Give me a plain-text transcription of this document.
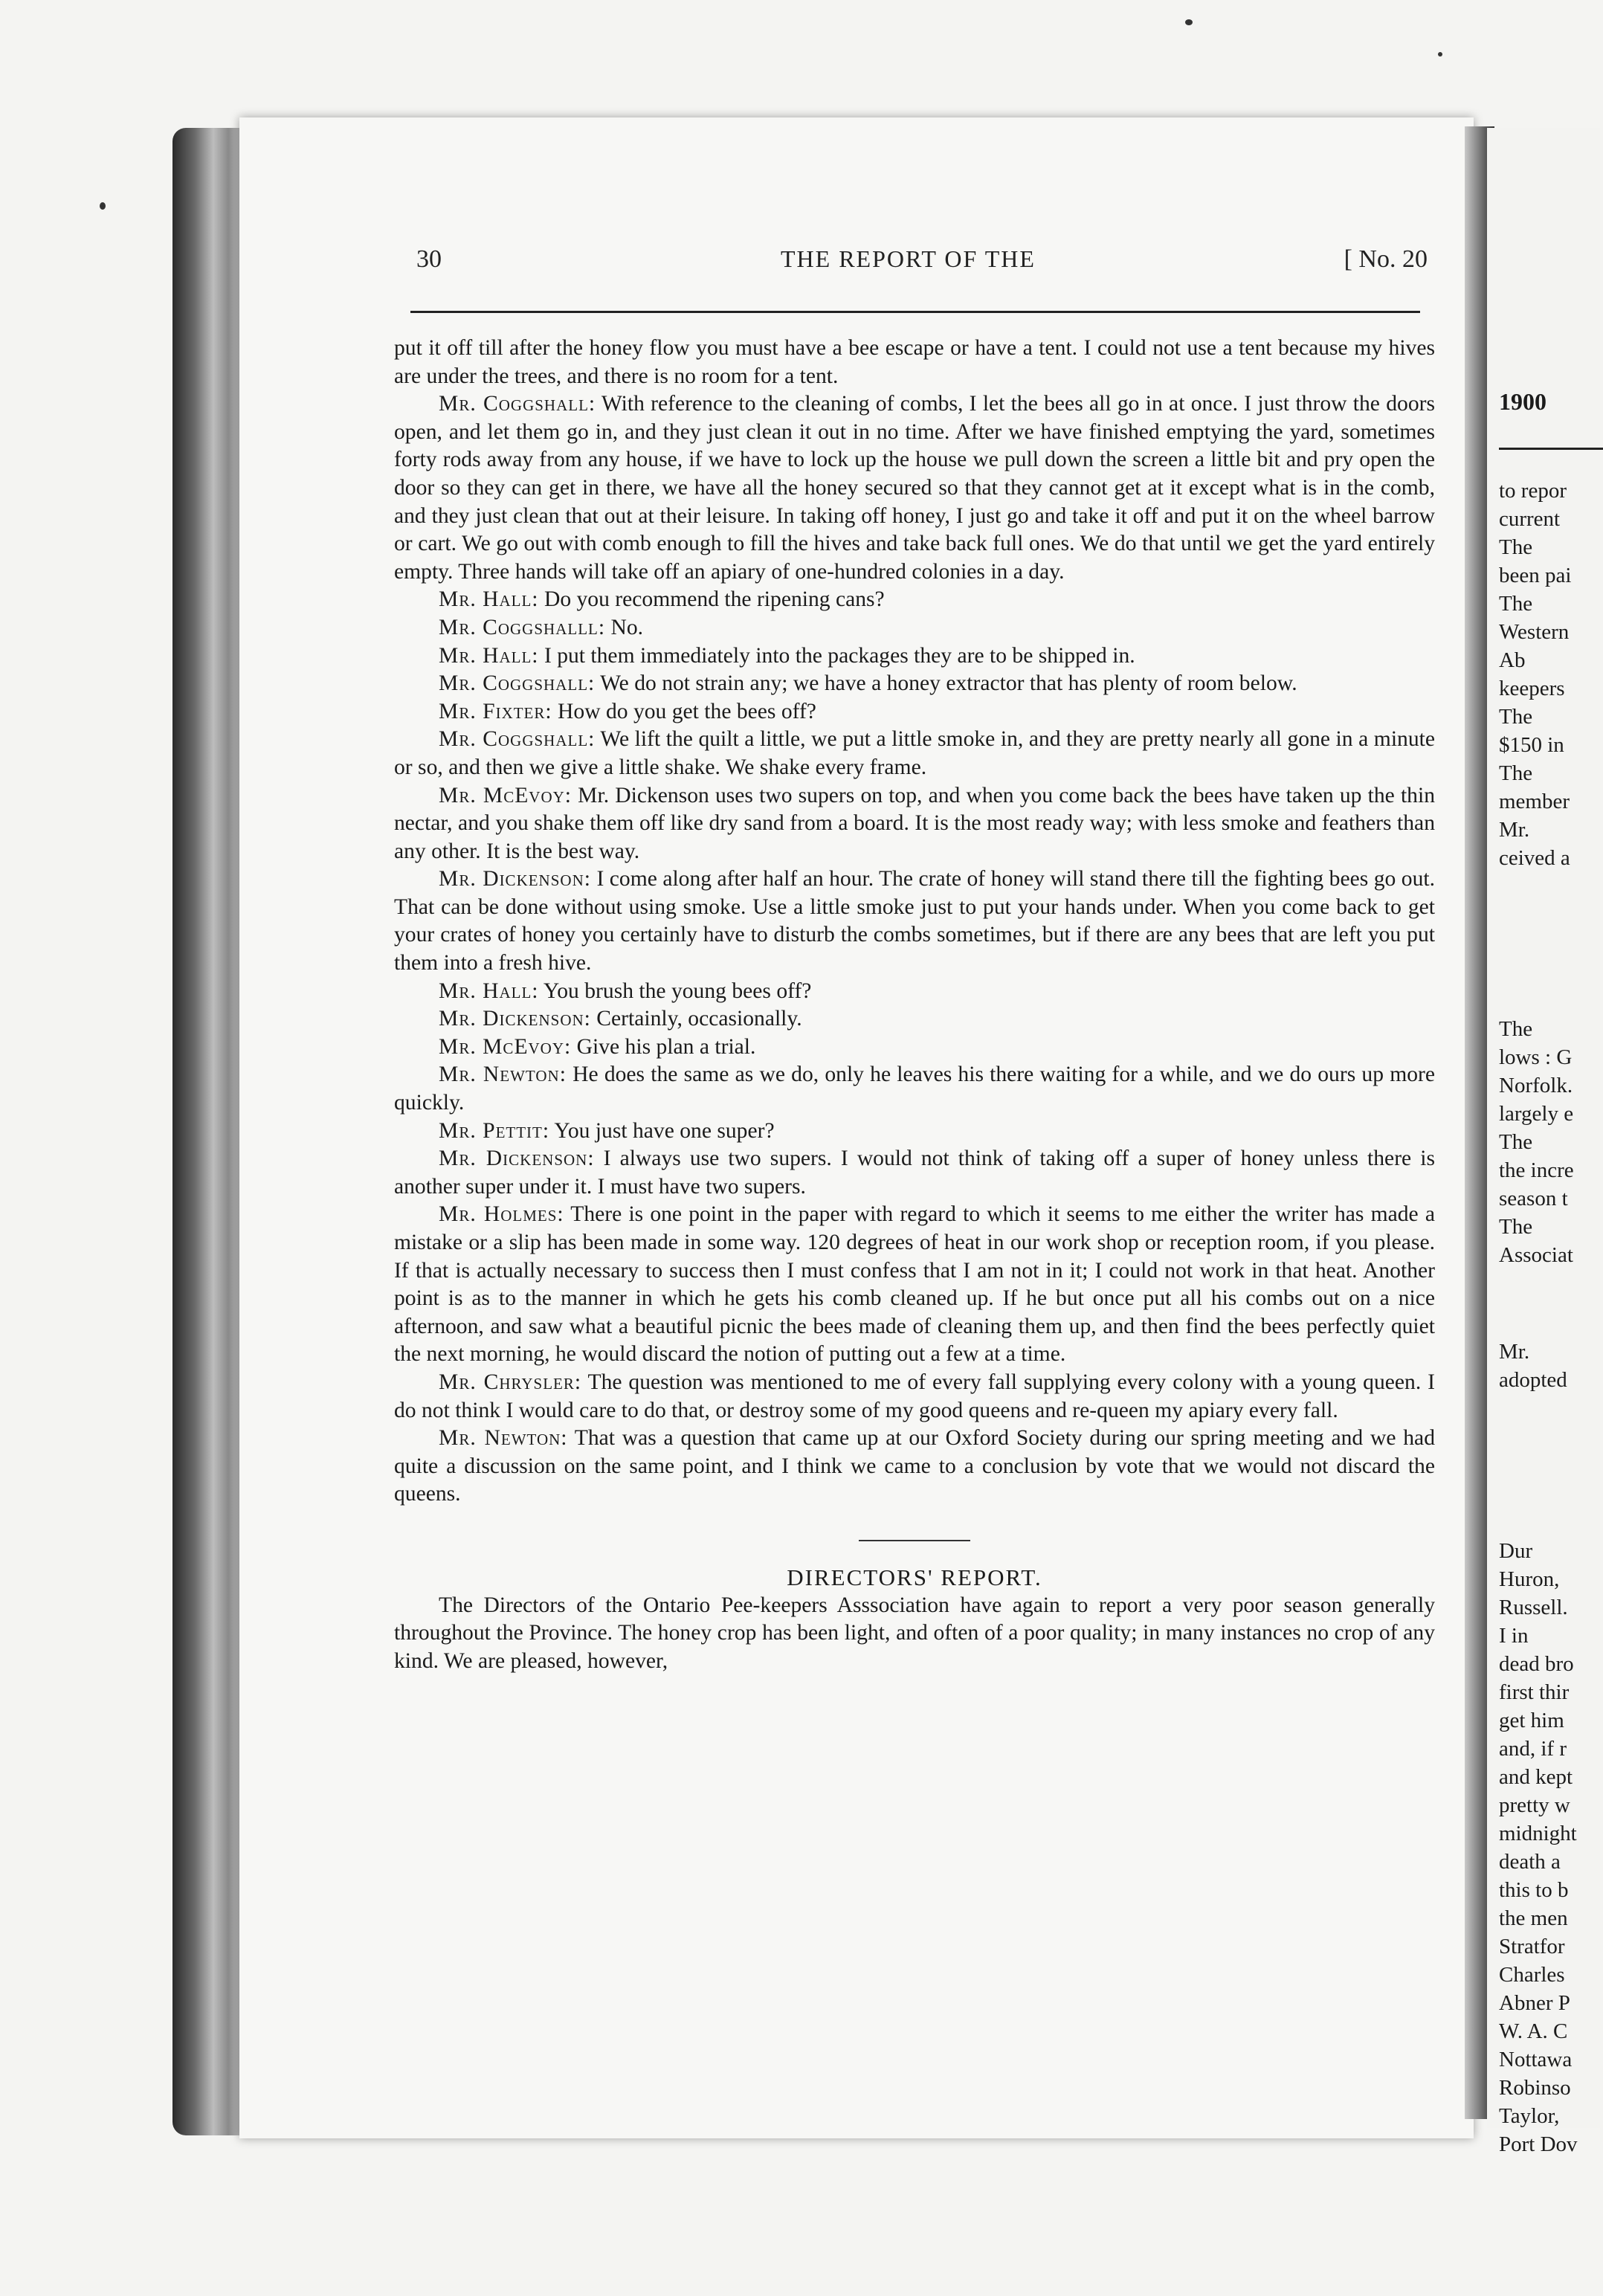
1900
to repor
current
The
been pai
The
Western
Ab
keepers
The
$150 in
The
member
Mr.
ceived a
The
lows : G
Norfolk.
largely e
The
the incre
season t
The
Associat
Mr.
adopted
Dur
Huron,
Russell.
I in
dead bro
first thir
get him
and, if r
and kept
pretty w
midnight
death a
this to b
the men
Stratfor
Charles
Abner P
W. A. C
Nottawa
Robinso
Taylor,
Port Dov
30	THE REPORT OF THE	[ No. 20

put it off till after the honey flow you must have a bee escape or have a tent. I could not use a tent because my hives are under the trees, and there is no room for a tent.

Mr. Coggshall: With reference to the cleaning of combs, I let the bees all go in at once. I just throw the doors open, and let them go in, and they just clean it out in no time. After we have finished emptying the yard, sometimes forty rods away from any house, if we have to lock up the house we pull down the screen a little bit and pry open the door so they can get in there, we have all the honey secured so that they cannot get at it except what is in the comb, and they just clean that out at their leisure. In taking off honey, I just go and take it off and put it on the wheel barrow or cart. We go out with comb enough to fill the hives and take back full ones. We do that until we get the yard entirely empty. Three hands will take off an apiary of one-hundred colonies in a day.

Mr. Hall: Do you recommend the ripening cans?

Mr. Coggshalll: No.

Mr. Hall: I put them immediately into the packages they are to be shipped in.

Mr. Coggshall: We do not strain any; we have a honey extractor that has plenty of room below.

Mr. Fixter: How do you get the bees off?

Mr. Coggshall: We lift the quilt a little, we put a little smoke in, and they are pretty nearly all gone in a minute or so, and then we give a little shake. We shake every frame.

Mr. McEvoy: Mr. Dickenson uses two supers on top, and when you come back the bees have taken up the thin nectar, and you shake them off like dry sand from a board. It is the most ready way; with less smoke and feathers than any other. It is the best way.

Mr. Dickenson: I come along after half an hour. The crate of honey will stand there till the fighting bees go out. That can be done without using smoke. Use a little smoke just to put your hands under. When you come back to get your crates of honey you certainly have to disturb the combs sometimes, but if there are any bees that are left you put them into a fresh hive.

Mr. Hall: You brush the young bees off?

Mr. Dickenson: Certainly, occasionally.

Mr. McEvoy: Give his plan a trial.

Mr. Newton: He does the same as we do, only he leaves his there waiting for a while, and we do ours up more quickly.

Mr. Pettit: You just have one super?

Mr. Dickenson: I always use two supers. I would not think of taking off a super of honey unless there is another super under it. I must have two supers.

Mr. Holmes: There is one point in the paper with regard to which it seems to me either the writer has made a mistake or a slip has been made in some way. 120 degrees of heat in our work shop or reception room, if you please. If that is actually necessary to success then I must confess that I am not in it; I could not work in that heat. Another point is as to the manner in which he gets his comb cleaned up. If he but once put all his combs out on a nice afternoon, and saw what a beautiful picnic the bees made of cleaning them up, and then find the bees perfectly quiet the next morning, he would discard the notion of putting out a few at a time.

Mr. Chrysler: The question was mentioned to me of every fall supplying every colony with a young queen. I do not think I would care to do that, or destroy some of my good queens and re-queen my apiary every fall.

Mr. Newton: That was a question that came up at our Oxford Society during our spring meeting and we had quite a discussion on the same point, and I think we came to a conclusion by vote that we would not discard the queens.

DIRECTORS' REPORT.

The Directors of the Ontario Pee-keepers Asssociation have again to report a very poor season generally throughout the Province. The honey crop has been light, and often of a poor quality; in many instances no crop of any kind. We are pleased, however,
